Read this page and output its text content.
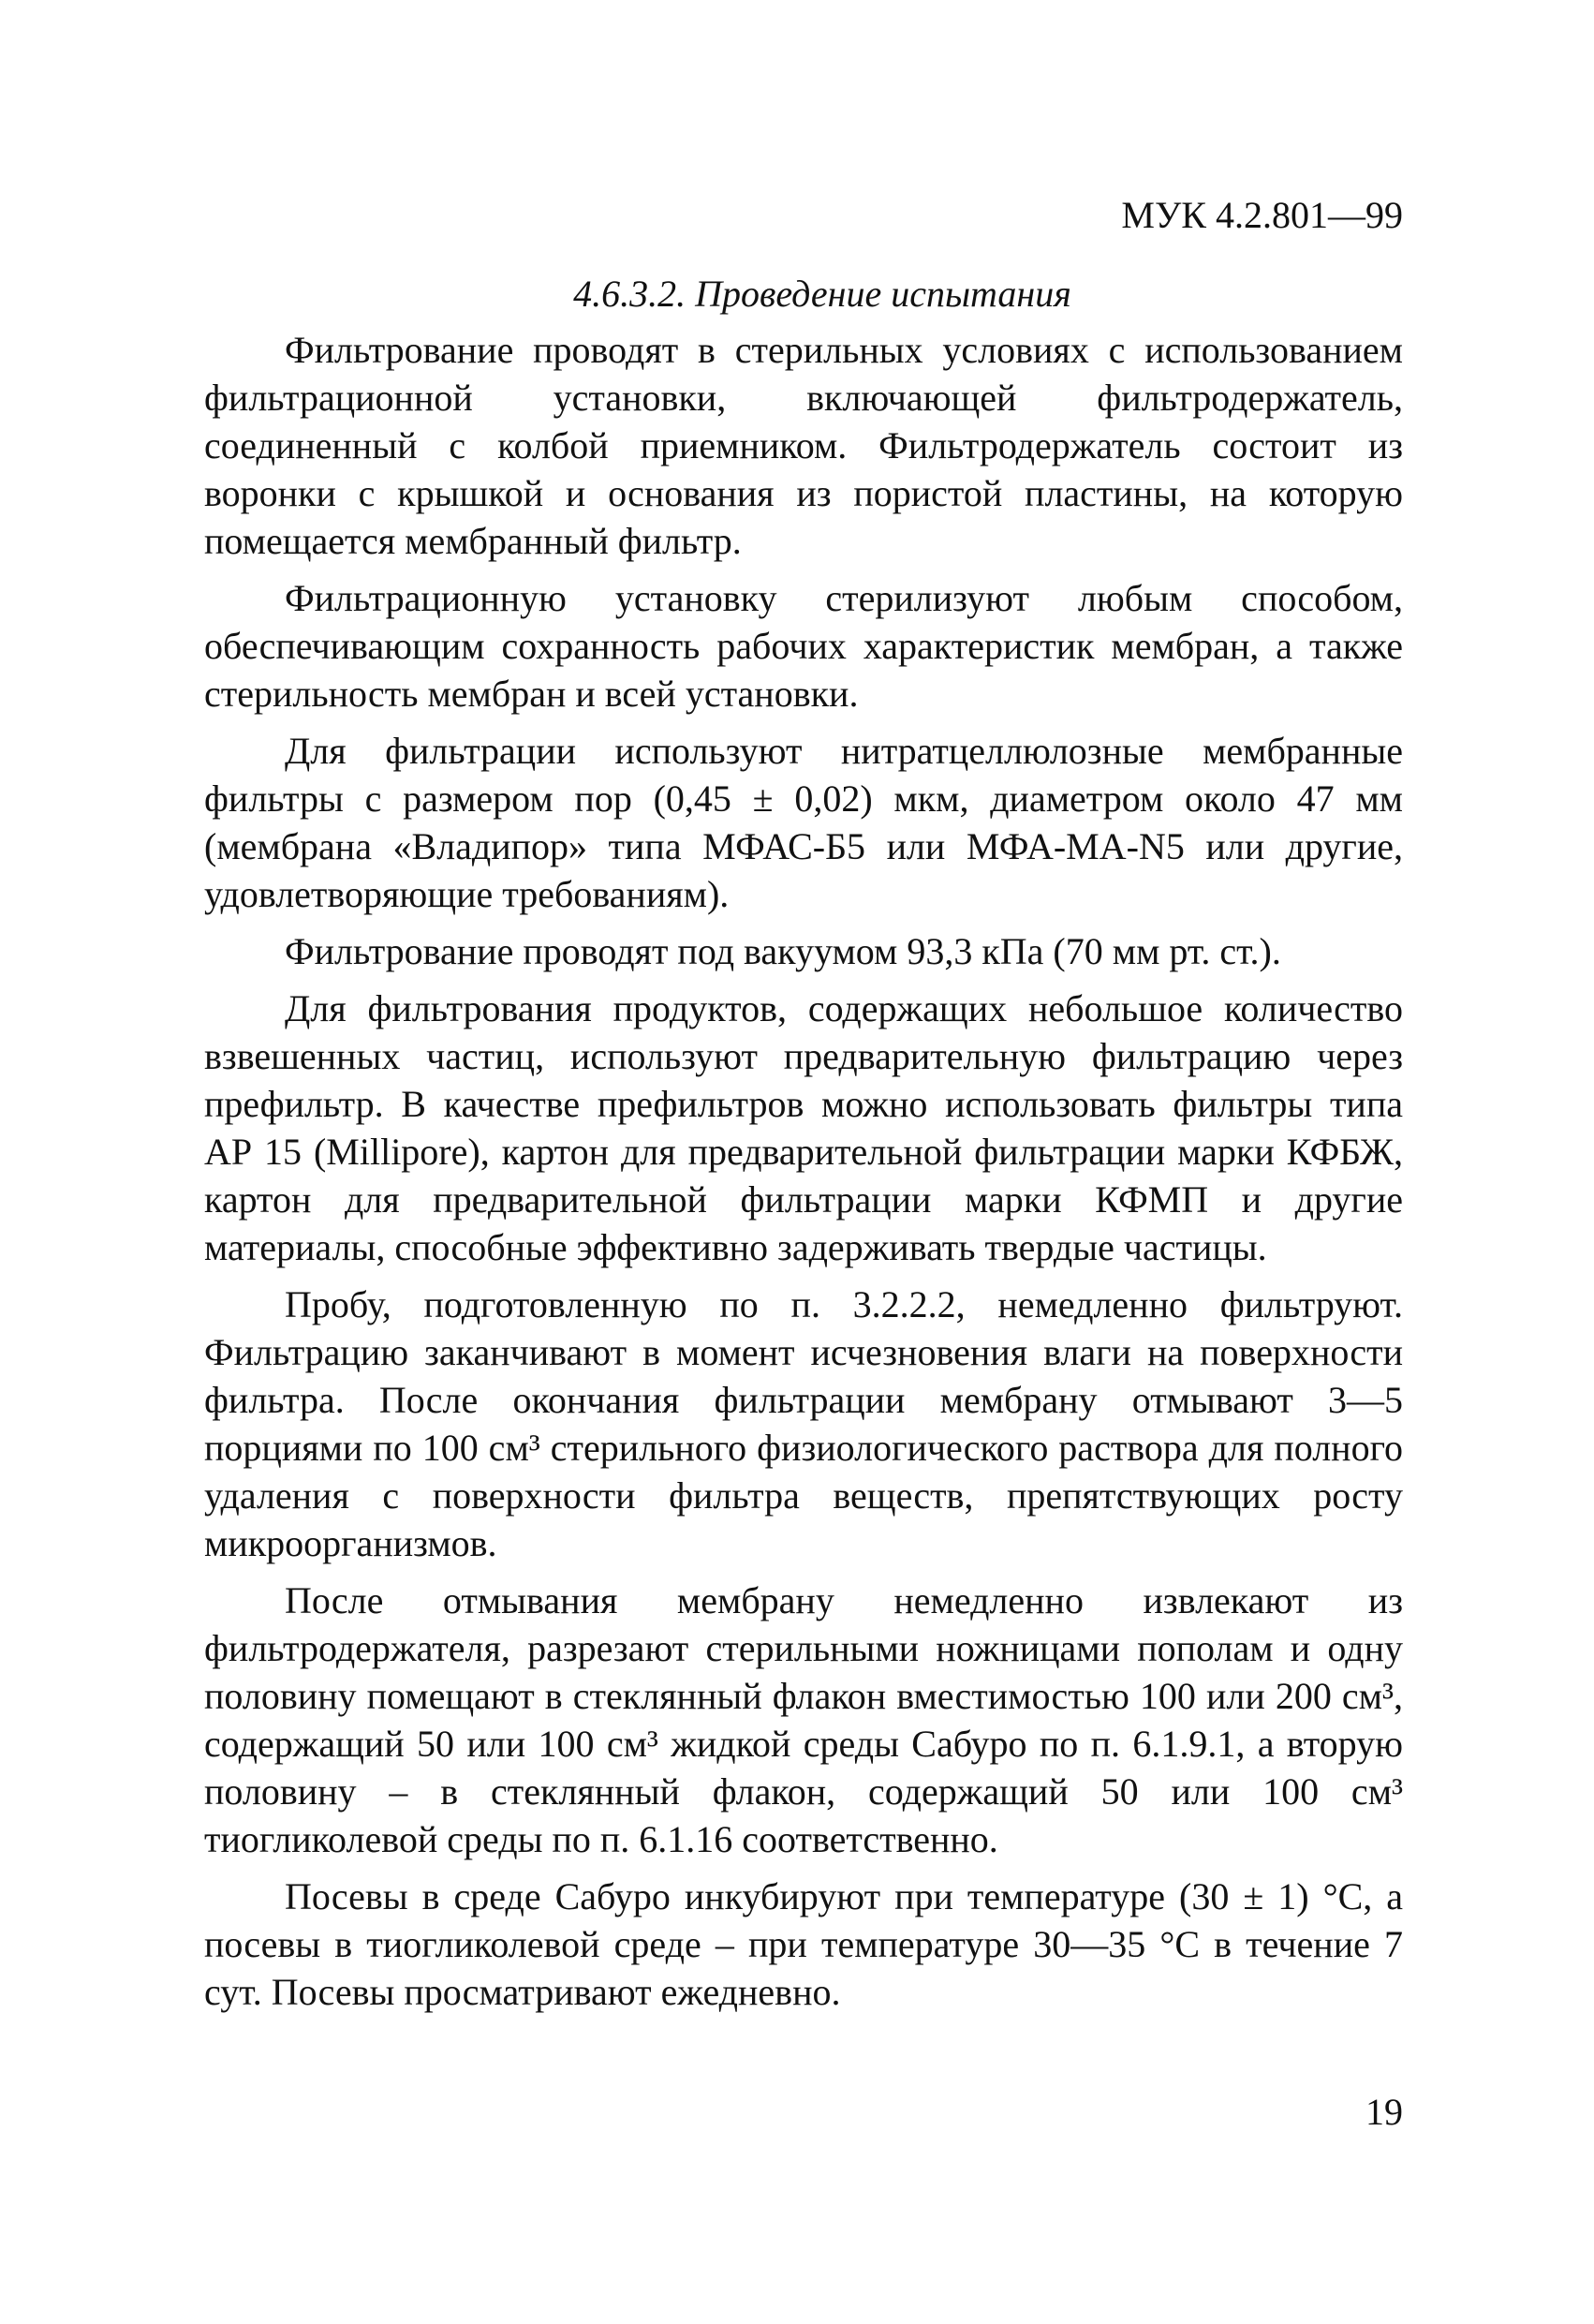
МУК 4.2.801—99
4.6.3.2. Проведение испытания

Фильтрование проводят в стерильных условиях с использованием фильтрационной установки, включающей фильтродержатель, соединенный с колбой приемником. Фильтродержатель состоит из воронки с крышкой и основания из пористой пластины, на которую помещается мембранный фильтр.

Фильтрационную установку стерилизуют любым способом, обеспечивающим сохранность рабочих характеристик мембран, а также стерильность мембран и всей установки.

Для фильтрации используют нитратцеллюлозные мембранные фильтры с размером пор (0,45 ± 0,02) мкм, диаметром около 47 мм (мембрана «Владипор» типа МФАС-Б5 или МФА-МА-N5 или другие, удовлетворяющие требованиям).

Фильтрование проводят под вакуумом 93,3 кПа (70 мм рт. ст.).

Для фильтрования продуктов, содержащих небольшое количество взвешенных частиц, используют предварительную фильтрацию через префильтр. В качестве префильтров можно использовать фильтры типа АР 15 (Millipore), картон для предварительной фильтрации марки КФБЖ, картон для предварительной фильтрации марки КФМП и другие материалы, способные эффективно задерживать твердые частицы.

Пробу, подготовленную по п. 3.2.2.2, немедленно фильтруют. Фильтрацию заканчивают в момент исчезновения влаги на поверхности фильтра. После окончания фильтрации мембрану отмывают 3—5 порциями по 100 см³ стерильного физиологического раствора для полного удаления с поверхности фильтра веществ, препятствующих росту микроорганизмов.

После отмывания мембрану немедленно извлекают из фильтродержателя, разрезают стерильными ножницами пополам и одну половину помещают в стеклянный флакон вместимостью 100 или 200 см³, содержащий 50 или 100 см³ жидкой среды Сабуро по п. 6.1.9.1, а вторую половину – в стеклянный флакон, содержащий 50 или 100 см³ тиогликолевой среды по п. 6.1.16 соответственно.

Посевы в среде Сабуро инкубируют при температуре (30 ± 1) °С, а посевы в тиогликолевой среде – при температуре 30—35 °С в течение 7 сут. Посевы просматривают ежедневно.

19
